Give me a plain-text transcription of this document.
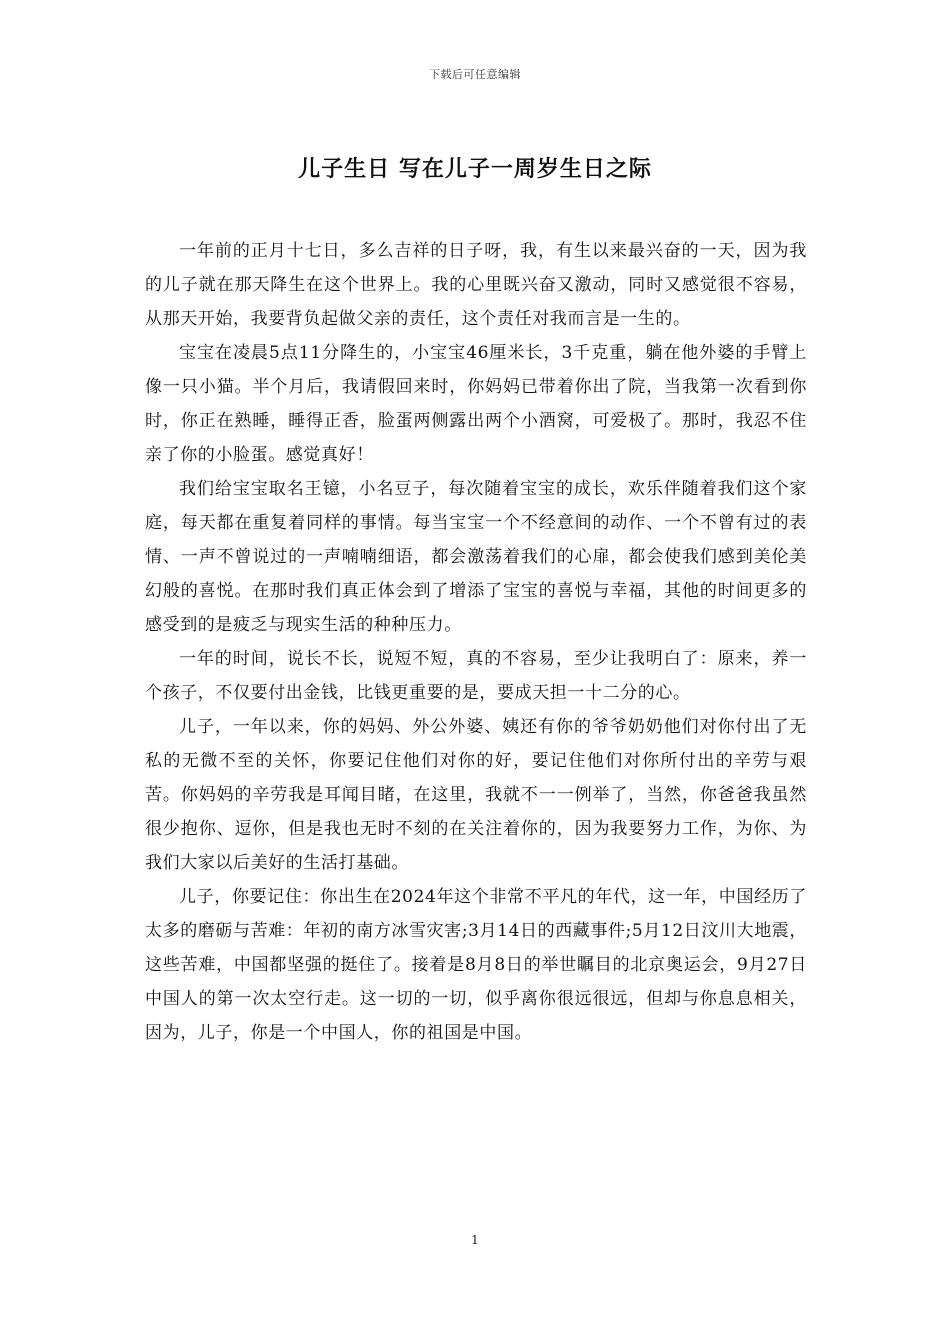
下载后可任意编辑
儿子生日 写在儿子一周岁生日之际

一年前的正月十七日，多么吉祥的日子呀，我，有生以来最兴奋的一天，因为我的儿子就在那天降生在这个世界上。我的心里既兴奋又激动，同时又感觉很不容易，从那天开始，我要背负起做父亲的责任，这个责任对我而言是一生的。

宝宝在凌晨5点11分降生的，小宝宝46厘米长，3千克重，躺在他外婆的手臂上像一只小猫。半个月后，我请假回来时，你妈妈已带着你出了院，当我第一次看到你时，你正在熟睡，睡得正香，脸蛋两侧露出两个小酒窝，可爱极了。那时，我忍不住亲了你的小脸蛋。感觉真好！

我们给宝宝取名王镱，小名豆子，每次随着宝宝的成长，欢乐伴随着我们这个家庭，每天都在重复着同样的事情。每当宝宝一个不经意间的动作、一个不曾有过的表情、一声不曾说过的一声喃喃细语，都会激荡着我们的心扉，都会使我们感到美伦美幻般的喜悦。在那时我们真正体会到了增添了宝宝的喜悦与幸福，其他的时间更多的感受到的是疲乏与现实生活的种种压力。

一年的时间，说长不长，说短不短，真的不容易，至少让我明白了：原来，养一个孩子，不仅要付出金钱，比钱更重要的是，要成天担一十二分的心。

儿子，一年以来，你的妈妈、外公外婆、姨还有你的爷爷奶奶他们对你付出了无私的无微不至的关怀，你要记住他们对你的好，要记住他们对你所付出的辛劳与艰苦。你妈妈的辛劳我是耳闻目睹，在这里，我就不一一例举了，当然，你爸爸我虽然很少抱你、逗你，但是我也无时不刻的在关注着你的，因为我要努力工作，为你、为我们大家以后美好的生活打基础。

儿子，你要记住：你出生在2024年这个非常不平凡的年代，这一年，中国经历了太多的磨砺与苦难：年初的南方冰雪灾害;3月14日的西藏事件;5月12日汶川大地震，这些苦难，中国都坚强的挺住了。接着是8月8日的举世瞩目的北京奥运会，9月27日中国人的第一次太空行走。这一切的一切，似乎离你很远很远，但却与你息息相关，因为，儿子，你是一个中国人，你的祖国是中国。

1
